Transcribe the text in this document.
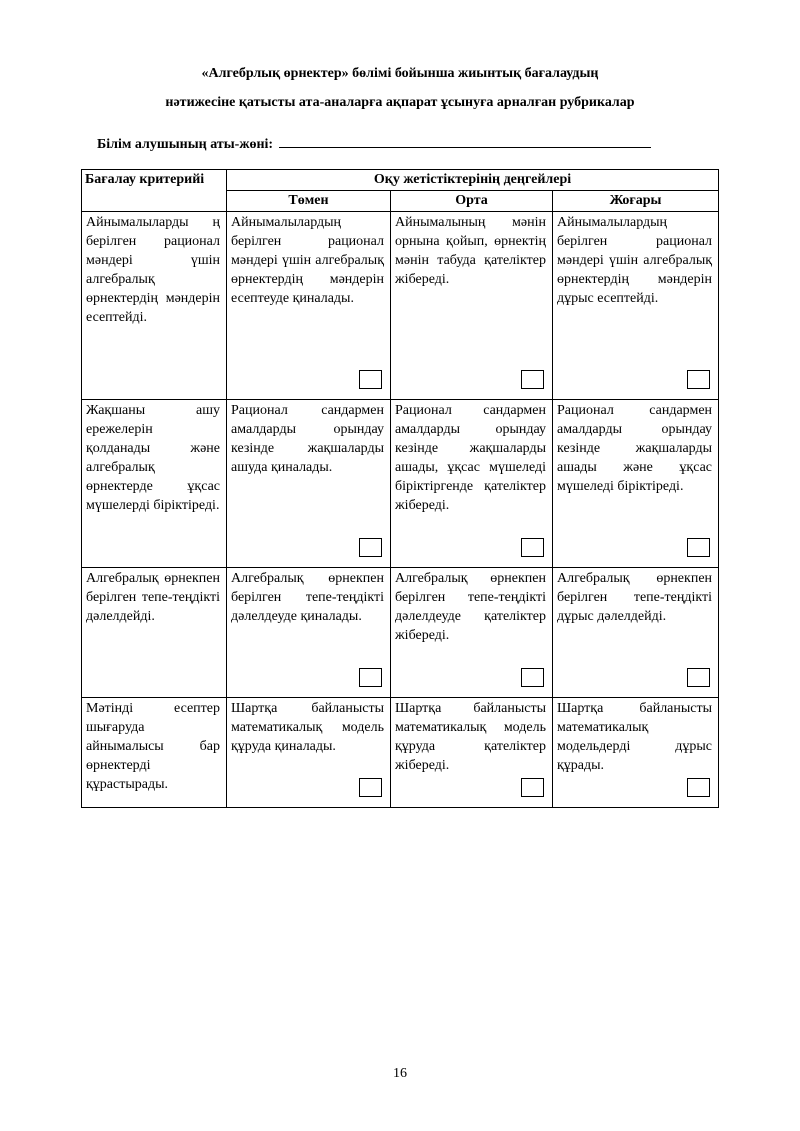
«Алгебрлық өрнектер» бөлімі бойынша жиынтық бағалаудың
нәтижесіне қатысты ата-аналарға ақпарат ұсынуға арналған рубрикалар
Білім алушының аты-жөні:
Бағалау критерийі	Оқу жетістіктерінің деңгейлері		
	Төмен	Орта	Жоғары

Айнымалыларды ң берілген рационал мәндері үшін алгебралық өрнектердің мәндерін есептейді.	Айнымалылардың берілген рационал мәндері үшін алгебралық өрнектердің мәндерін есептеуде қиналады.	Айнымалының мәнін орнына қойып, өрнектің мәнін табуда қателіктер жібереді.	Айнымалылардың берілген рационал мәндері үшін алгебралық өрнектердің мәндерін дұрыс есептейді.

Жақшаны ашу ережелерін қолданады және алгебралық өрнектерде ұқсас мүшелерді біріктіреді.	Рационал сандармен амалдарды орындау кезінде жақшаларды ашуда қиналады.	Рационал сандармен амалдарды орындау кезінде жақшаларды ашады, ұқсас мүшеледі біріктіргенде қателіктер жібереді.	Рационал сандармен амалдарды орындау кезінде жақшаларды ашады және ұқсас мүшеледі біріктіреді.

Алгебралық өрнекпен берілген тепе-теңдікті дәлелдейді.	Алгебралық өрнекпен берілген тепе-теңдікті дәлелдеуде қиналады.	Алгебралық өрнекпен берілген тепе-теңдікті дәлелдеуде қателіктер жібереді.	Алгебралық өрнекпен берілген тепе-теңдікті дұрыс дәлелдейді.

Мәтінді есептер шығаруда айнымалысы бар өрнектерді құрастырады.	Шартқа байланысты математикалық модель құруда қиналады.	Шартқа байланысты математикалық модель құруда қателіктер жібереді.	Шартқа байланысты математикалық модельдерді дұрыс құрады.
16
